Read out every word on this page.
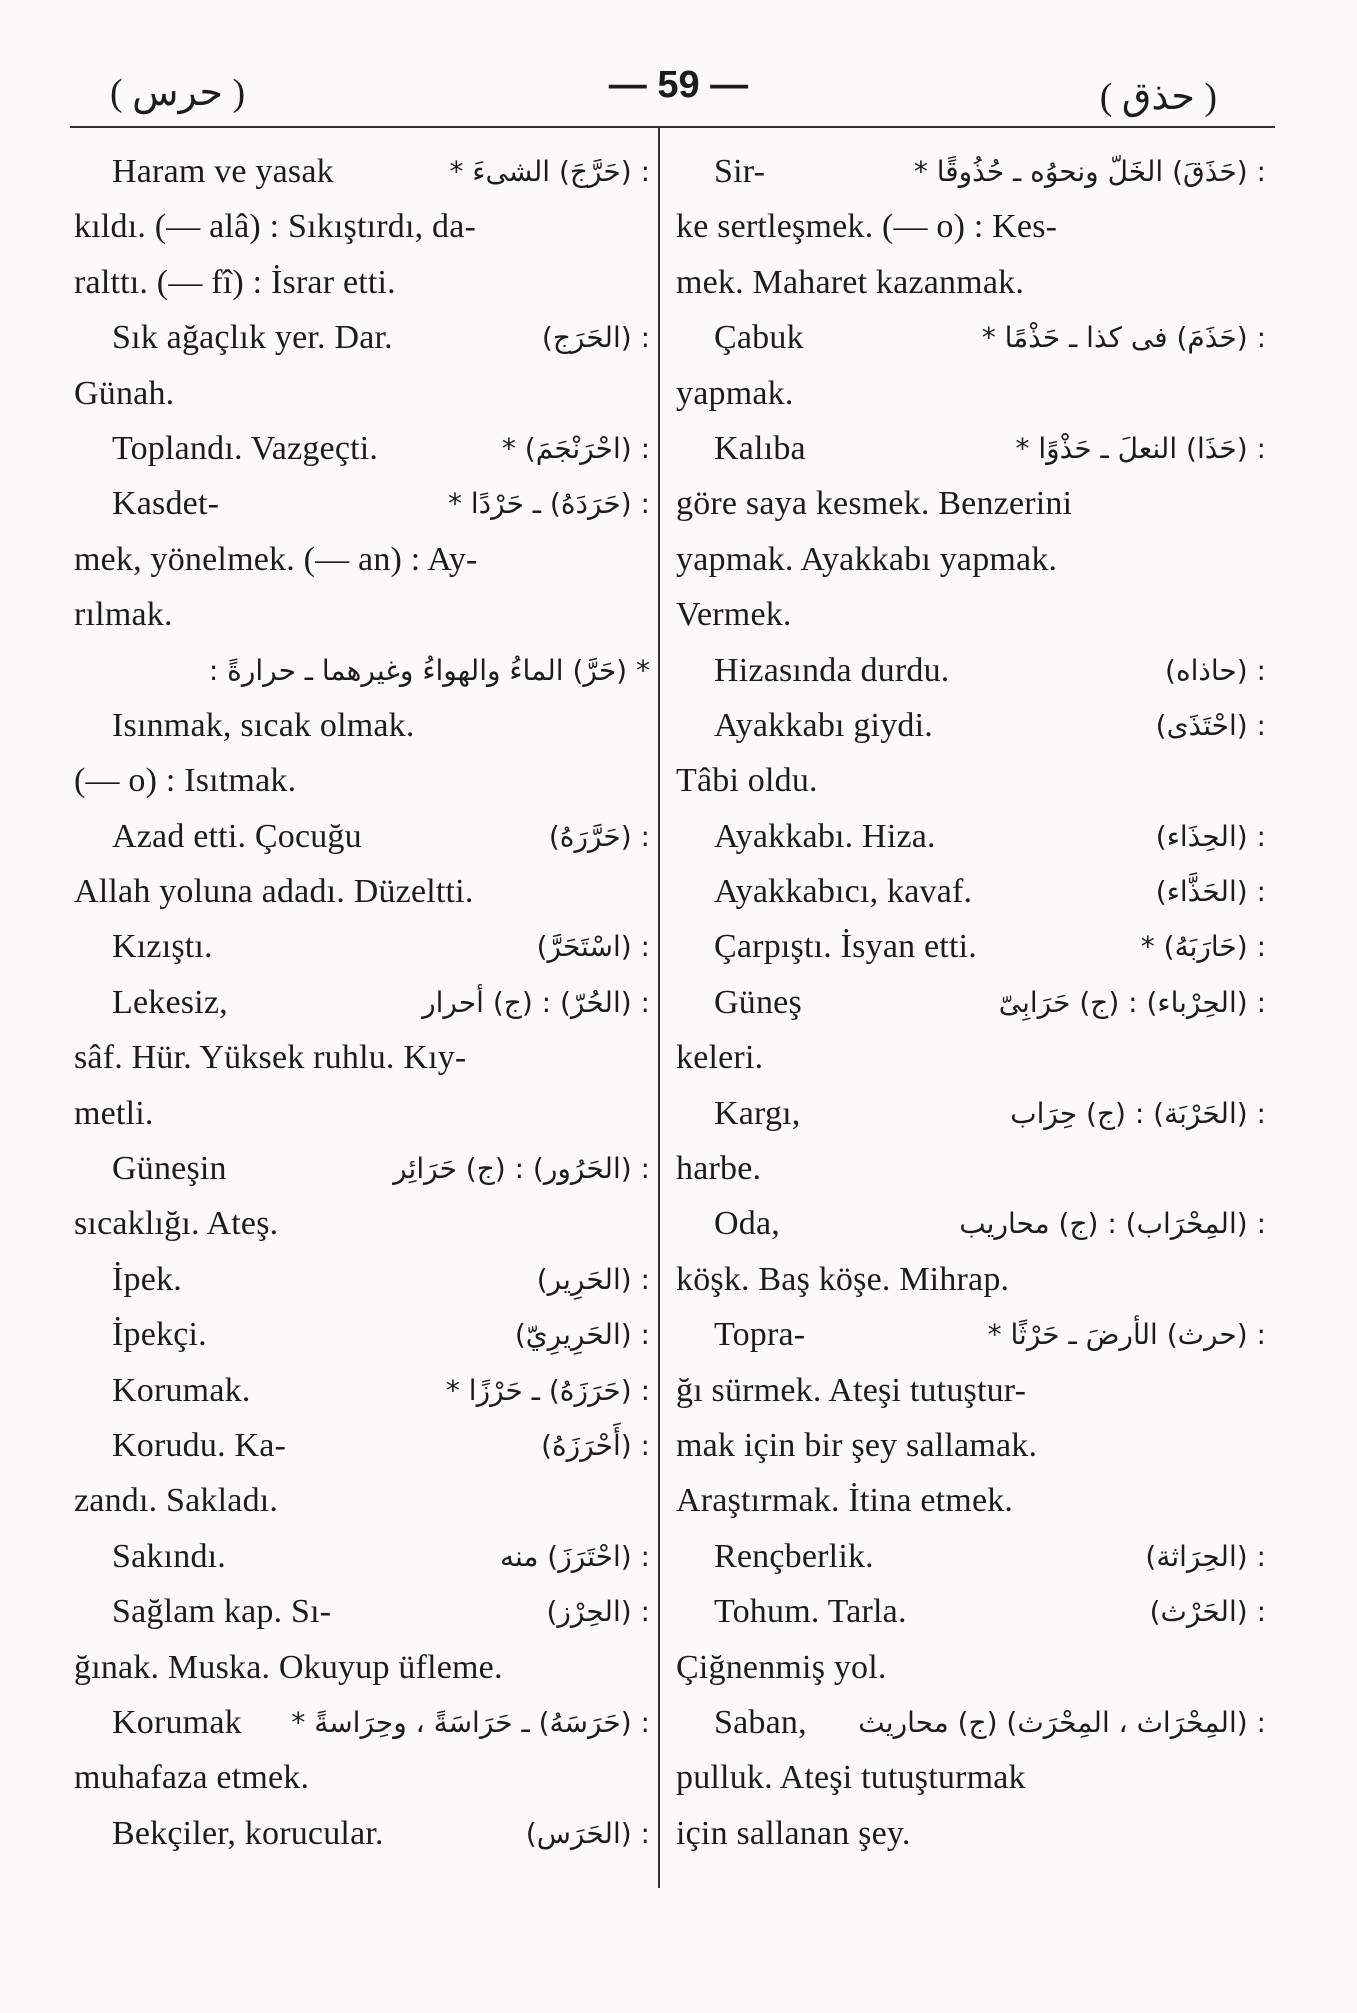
( حرس )	— 59 —	( حذق )
Haram ve yasak	: (حَرَّجَ) الشىءَ *
kıldı. (— alâ) : Sıkıştırdı, da-
ralttı. (— fî) : İsrar etti.
Sık ağaçlık yer. Dar.	: (الحَرَج)
Günah.
Toplandı. Vazgeçti.	: (احْرَنْجَمَ) *
Kasdet-	: (حَرَدَهُ) ـ حَرْدًا *
mek, yönelmek. (— an) : Ay-
rılmak.
* (حَرَّ) الماءُ والهواءُ وغيرهما ـ حرارةً :
Isınmak, sıcak olmak.
(— o) : Isıtmak.
Azad etti. Çocuğu	: (حَرَّرَهُ)
Allah yoluna adadı. Düzeltti.
Kızıştı.	: (اسْتَحَرَّ)
Lekesiz,	: (الحُرّ) : (ج) أحرار
sâf. Hür. Yüksek ruhlu. Kıy-
metli.
Güneşin	: (الحَرُور) : (ج) حَرَائِر
sıcaklığı. Ateş.
İpek.	: (الحَرِير)
İpekçi.	: (الحَرِيرِيّ)
Korumak.	: (حَرَزَهُ) ـ حَرْزًا *
Korudu. Ka-	: (أَحْرَزَهُ)
zandı. Sakladı.
Sakındı.	: (احْتَرَزَ) منه
Sağlam kap. Sı-	: (الحِرْز)
ğınak. Muska. Okuyup üfleme.
Korumak : (حَرَسَهُ) ـ حَرَاسَةً ، وحِرَاسةً *
muhafaza etmek.
Bekçiler, korucular.	: (الحَرَس)
Sir-	: (حَذَقَ) الخَلّ ونحوُه ـ حُذُوقًا *
ke sertleşmek. (— o) : Kes-
mek. Maharet kazanmak.
Çabuk	: (حَذَمَ) فى كذا ـ حَذْمًا *
yapmak.
Kalıba	: (حَذَا) النعلَ ـ حَذْوًا *
göre saya kesmek. Benzerini
yapmak. Ayakkabı yapmak.
Vermek.
Hizasında durdu.	: (حاذاه)
Ayakkabı giydi.	: (احْتَذَى)
Tâbi oldu.
Ayakkabı. Hiza.	: (الحِذَاء)
Ayakkabıcı, kavaf.	: (الحَذَّاء)
Çarpıştı. İsyan etti.	: (حَارَبَهُ) *
Güneş	: (الحِرْباء) : (ج) حَرَابِىّ
keleri.
Kargı,	: (الحَرْبَة) : (ج) حِرَاب
harbe.
Oda,	: (المِحْرَاب) : (ج) محاريب
köşk. Baş köşe. Mihrap.
Topra-	: (حرث) الأرضَ ـ حَرْثًا *
ğı sürmek. Ateşi tutuştur-
mak için bir şey sallamak.
Araştırmak. İtina etmek.
Rençberlik.	: (الحِرَاثة)
Tohum. Tarla.	: (الحَرْث)
Çiğnenmiş yol.
Saban, : (المِحْرَاث ، المِحْرَث) (ج) محاريث
pulluk. Ateşi tutuşturmak
için sallanan şey.
